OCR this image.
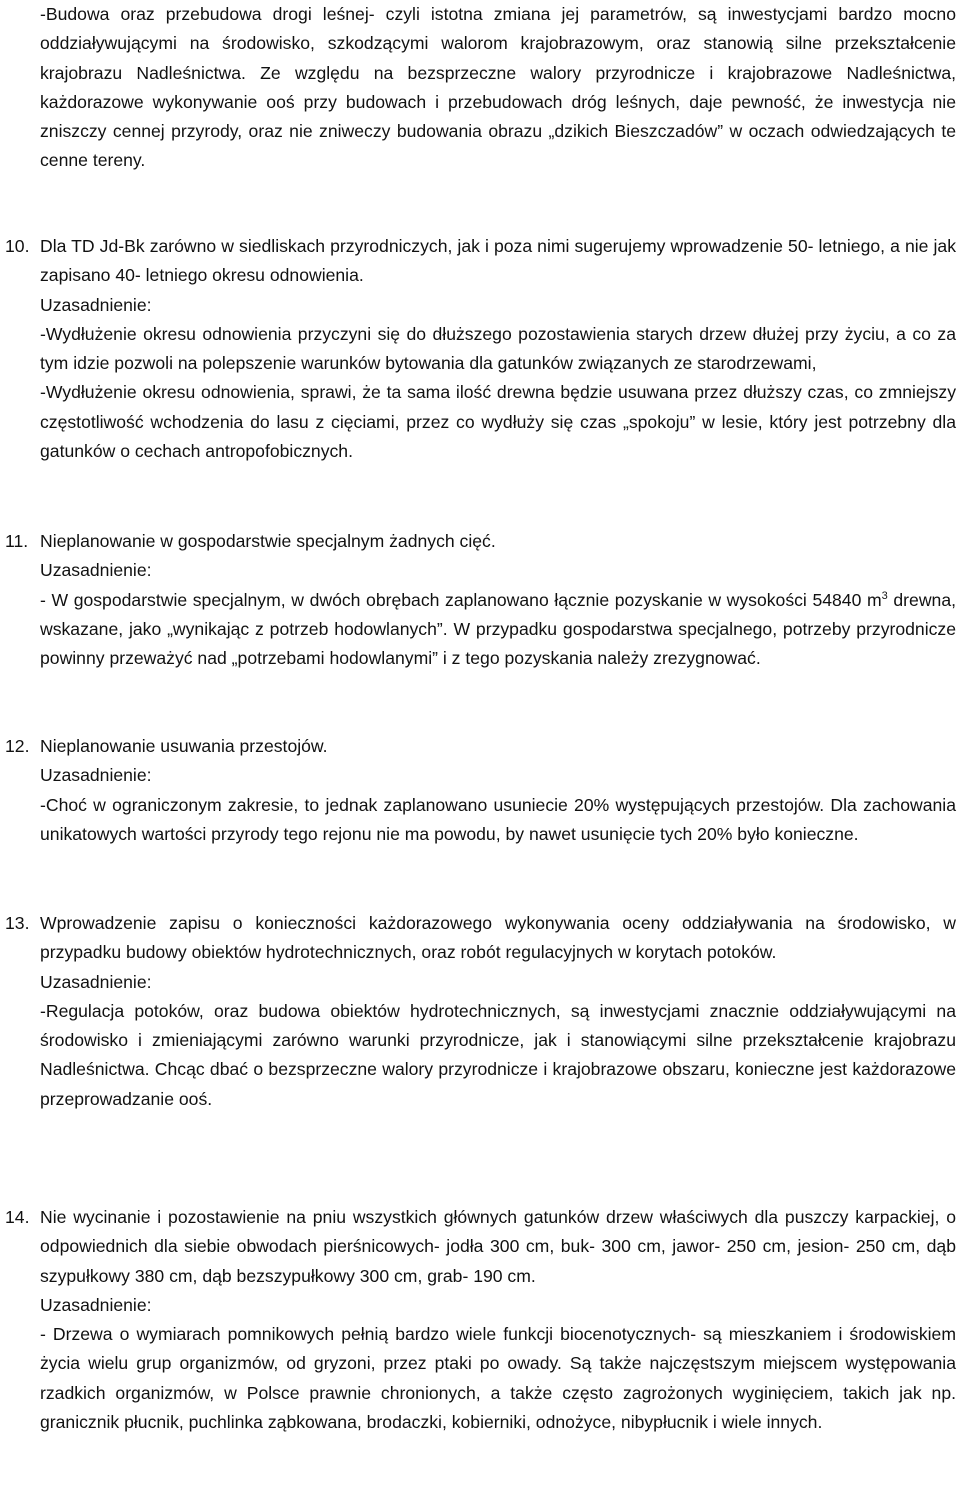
-Budowa oraz przebudowa drogi leśnej- czyli istotna zmiana jej parametrów, są inwestycjami bardzo mocno oddziaływującymi na środowisko, szkodzącymi walorom krajobrazowym, oraz stanowią silne przekształcenie krajobrazu Nadleśnictwa. Ze względu na bezsprzeczne walory przyrodnicze i krajobrazowe Nadleśnictwa, każdorazowe wykonywanie ooś przy budowach i przebudowach dróg leśnych, daje pewność, że inwestycja nie zniszczy cennej przyrody, oraz nie zniweczy budowania obrazu „dzikich Bieszczadów” w oczach odwiedzających te cenne tereny.

10. Dla TD Jd-Bk zarówno w siedliskach przyrodniczych, jak i poza nimi sugerujemy wprowadzenie 50- letniego, a nie jak zapisano 40- letniego okresu odnowienia.

Uzasadnienie:

-Wydłużenie okresu odnowienia przyczyni się do dłuższego pozostawienia starych drzew dłużej przy życiu, a co za tym idzie pozwoli na polepszenie warunków bytowania dla gatunków związanych ze starodrzewami,

-Wydłużenie okresu odnowienia, sprawi, że ta sama ilość drewna będzie usuwana przez dłuższy czas, co zmniejszy częstotliwość wchodzenia do lasu z cięciami, przez co wydłuży się czas „spokoju” w lesie, który jest potrzebny dla gatunków o cechach antropofobicznych.

11. Nieplanowanie w gospodarstwie specjalnym żadnych cięć.

Uzasadnienie:

- W gospodarstwie specjalnym, w dwóch obrębach zaplanowano łącznie pozyskanie w wysokości 54840 $m^3$ drewna, wskazane, jako „wynikając z potrzeb hodowlanych”. W przypadku gospodarstwa specjalnego, potrzeby przyrodnicze powinny przeważyć nad „potrzebami hodowlanymi” i z tego pozyskania należy zrezygnować.

12. Nieplanowanie usuwania przestojów.

Uzasadnienie:

-Choć w ograniczonym zakresie, to jednak zaplanowano usuniecie 20% występujących przestojów. Dla zachowania unikatowych wartości przyrody tego rejonu nie ma powodu, by nawet usunięcie tych 20% było konieczne.

13. Wprowadzenie zapisu o konieczności każdorazowego wykonywania oceny oddziaływania na środowisko, w przypadku budowy obiektów hydrotechnicznych, oraz robót regulacyjnych w korytach potoków.

Uzasadnienie:

-Regulacja potoków, oraz budowa obiektów hydrotechnicznych, są inwestycjami znacznie oddziaływującymi na środowisko i zmieniającymi zarówno warunki przyrodnicze, jak i stanowiącymi silne przekształcenie krajobrazu Nadleśnictwa. Chcąc dbać o bezsprzeczne walory przyrodnicze i krajobrazowe obszaru, konieczne jest każdorazowe przeprowadzanie ooś.

14. Nie wycinanie i pozostawienie na pniu wszystkich głównych gatunków drzew właściwych dla puszczy karpackiej, o odpowiednich dla siebie obwodach pierśnicowych- jodła 300 cm, buk- 300 cm, jawor- 250 cm, jesion- 250 cm, dąb szypułkowy 380 cm, dąb bezszypułkowy 300 cm, grab- 190 cm.

Uzasadnienie:

- Drzewa o wymiarach pomnikowych pełnią bardzo wiele funkcji biocenotycznych- są mieszkaniem i środowiskiem życia wielu grup organizmów, od gryzoni, przez ptaki po owady. Są także najczęstszym miejscem występowania rzadkich organizmów, w Polsce prawnie chronionych, a także często zagrożonych wyginięciem, takich jak np. granicznik płucnik, puchlinka ząbkowana, brodaczki, kobierniki, odnożyce, nibypłucnik i wiele innych.
